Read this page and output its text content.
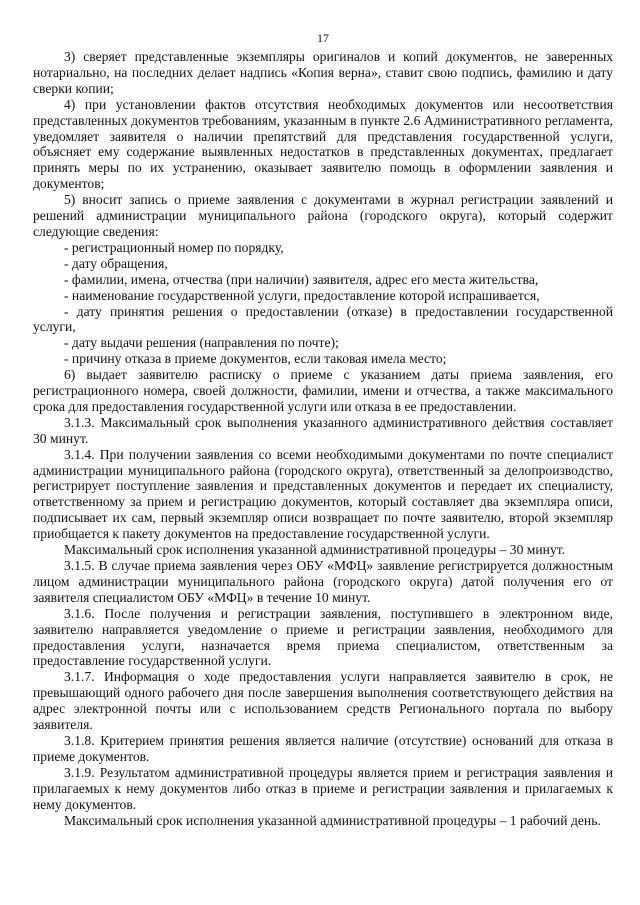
17

3) сверяет представленные экземпляры оригиналов и копий документов, не заверенных нотариально, на последних делает надпись «Копия верна», ставит свою подпись, фамилию и дату сверки копии;

4) при установлении фактов отсутствия необходимых документов или несоответствия представленных документов требованиям, указанным в пункте 2.6 Административного регламента, уведомляет заявителя о наличии препятствий для представления государственной услуги, объясняет ему содержание выявленных недостатков в представленных документах, предлагает принять меры по их устранению, оказывает заявителю помощь в оформлении заявления и документов;

5) вносит запись о приеме заявления с документами в журнал регистрации заявлений и решений администрации муниципального района (городского округа), который содержит следующие сведения:

- регистрационный номер по порядку,

- дату обращения,

- фамилии, имена, отчества (при наличии) заявителя, адрес его места жительства,

- наименование государственной услуги, предоставление которой испрашивается,

- дату принятия решения о предоставлении (отказе) в предоставлении государственной услуги,

- дату выдачи решения (направления по почте);

- причину отказа в приеме документов, если таковая имела место;

6) выдает заявителю расписку о приеме с указанием даты приема заявления, его регистрационного номера, своей должности, фамилии, имени и отчества, а также максимального срока для предоставления государственной услуги или отказа в ее предоставлении.

3.1.3. Максимальный срок выполнения указанного административного действия составляет 30 минут.

3.1.4. При получении заявления со всеми необходимыми документами по почте специалист администрации муниципального района (городского округа), ответственный за делопроизводство, регистрирует поступление заявления и представленных документов и передает их специалисту, ответственному за прием и регистрацию документов, который составляет два экземпляра описи, подписывает их сам, первый экземпляр описи возвращает по почте заявителю, второй экземпляр приобщается к пакету документов на предоставление государственной услуги.

Максимальный срок исполнения указанной административной процедуры – 30 минут.

3.1.5. В случае приема заявления через ОБУ «МФЦ» заявление регистрируется должностным лицом администрации муниципального района (городского округа) датой получения его от заявителя специалистом ОБУ «МФЦ» в течение 10 минут.

3.1.6. После получения и регистрации заявления, поступившего в электронном виде, заявителю направляется уведомление о приеме и регистрации заявления, необходимого для предоставления услуги, назначается время приема специалистом, ответственным за предоставление государственной услуги.

3.1.7. Информация о ходе предоставления услуги направляется заявителю в срок, не превышающий одного рабочего дня после завершения выполнения соответствующего действия на адрес электронной почты или с использованием средств Регионального портала по выбору заявителя.

3.1.8. Критерием принятия решения является наличие (отсутствие) оснований для отказа в приеме документов.

3.1.9. Результатом административной процедуры является прием и регистрация заявления и прилагаемых к нему документов либо отказ в приеме и регистрации заявления и прилагаемых к нему документов.

Максимальный срок исполнения указанной административной процедуры – 1 рабочий день.
